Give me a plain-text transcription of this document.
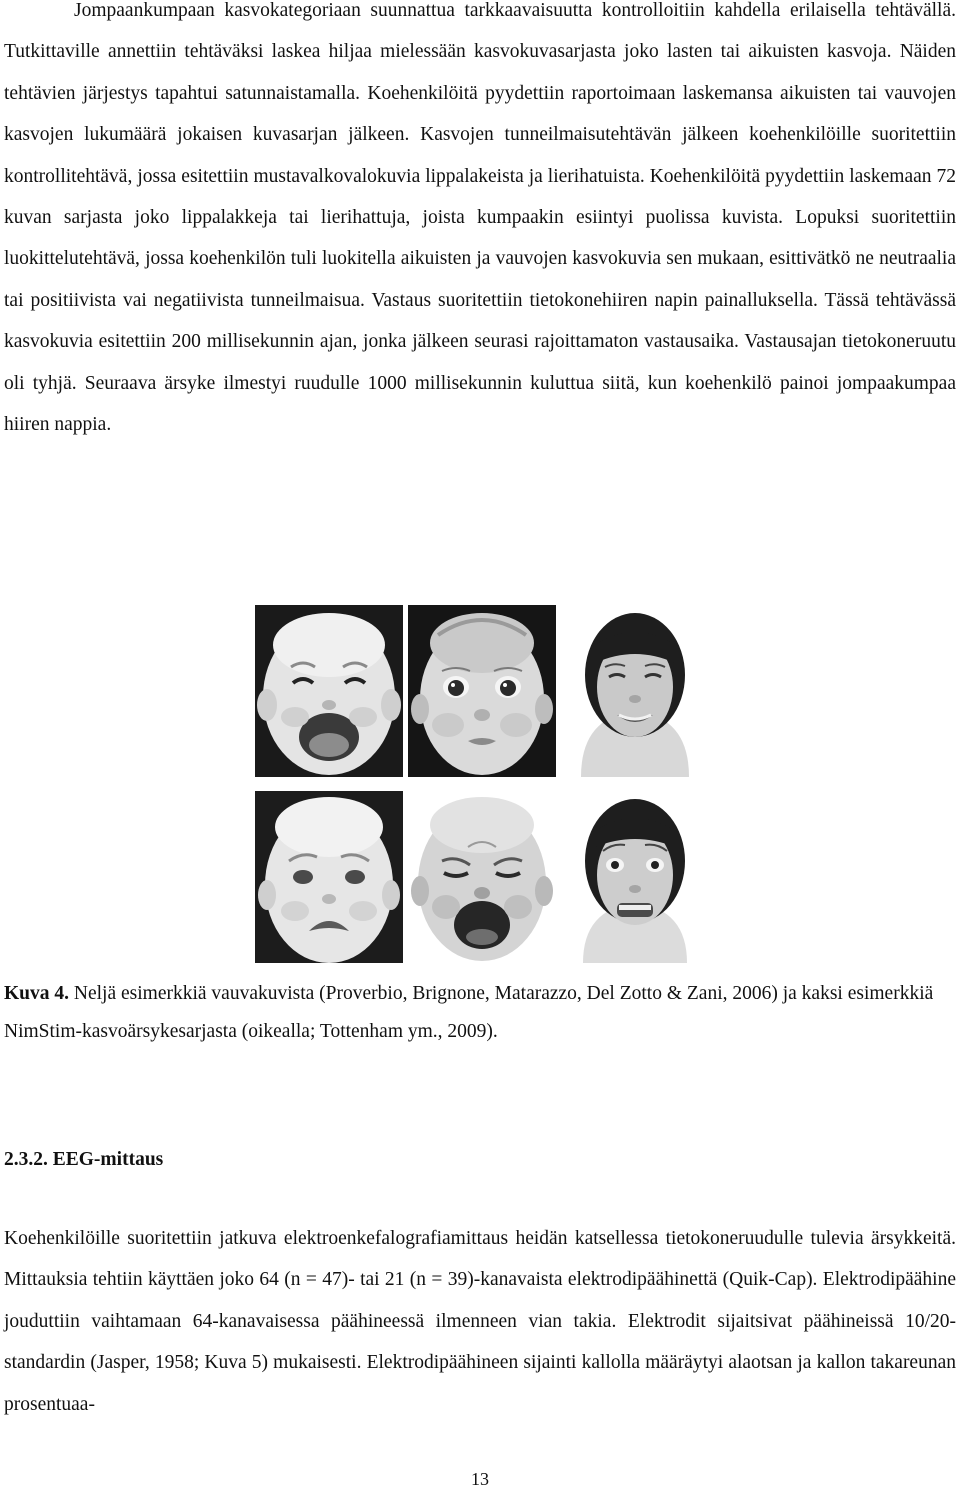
Jompaankumpaan kasvokategoriaan suunnattua tarkkaavaisuutta kontrolloitiin kahdella erilaisella tehtävällä. Tutkittaville annettiin tehtäväksi laskea hiljaa mielessään kasvokuvasarjasta joko lasten tai aikuisten kasvoja. Näiden tehtävien järjestys tapahtui satunnaistamalla. Koehenkilöitä pyydettiin raportoimaan laskemansa aikuisten tai vauvojen kasvojen lukumäärä jokaisen kuvasarjan jälkeen. Kasvojen tunneilmaisutehtävän jälkeen koehenkilöille suoritettiin kontrollitehtävä, jossa esitettiin mustavalkovalokuvia lippalakeista ja lierihatuista. Koehenkilöitä pyydettiin laskemaan 72 kuvan sarjasta joko lippalakkeja tai lierihattuja, joista kumpaakin esiintyi puolissa kuvista. Lopuksi suoritettiin luokittelutehtävä, jossa koehenkilön tuli luokitella aikuisten ja vauvojen kasvokuvia sen mukaan, esittivätkö ne neutraalia tai positiivista vai negatiivista tunneilmaisua. Vastaus suoritettiin tietokonehiiren napin painalluksella. Tässä tehtävässä kasvokuvia esitettiin 200 millisekunnin ajan, jonka jälkeen seurasi rajoittamaton vastausaika. Vastausajan tietokoneruutu oli tyhjä. Seuraava ärsyke ilmestyi ruudulle 1000 millisekunnin kuluttua siitä, kun koehenkilö painoi jompaakumpaa hiiren nappia.

Kuva 4. Neljä esimerkkiä vauvakuvista (Proverbio, Brignone, Matarazzo, Del Zotto & Zani, 2006) ja kaksi esimerkkiä NimStim-kasvoärsykesarjasta (oikealla; Tottenham ym., 2009).

2.3.2. EEG-mittaus

Koehenkilöille suoritettiin jatkuva elektroenkefalografiamittaus heidän katsellessa tietokoneruudulle tulevia ärsykkeitä. Mittauksia tehtiin käyttäen joko 64 (n = 47)- tai 21 (n = 39)-kanavaista elektrodipäähinettä (Quik-Cap). Elektrodipäähine jouduttiin vaihtamaan 64-kanavaisessa päähineessä ilmenneen vian takia. Elektrodit sijaitsivat päähineissä 10/20-standardin (Jasper, 1958; Kuva 5) mukaisesti. Elektrodipäähineen sijainti kallolla määräytyi alaotsan ja kallon takareunan prosentuaa-

13
